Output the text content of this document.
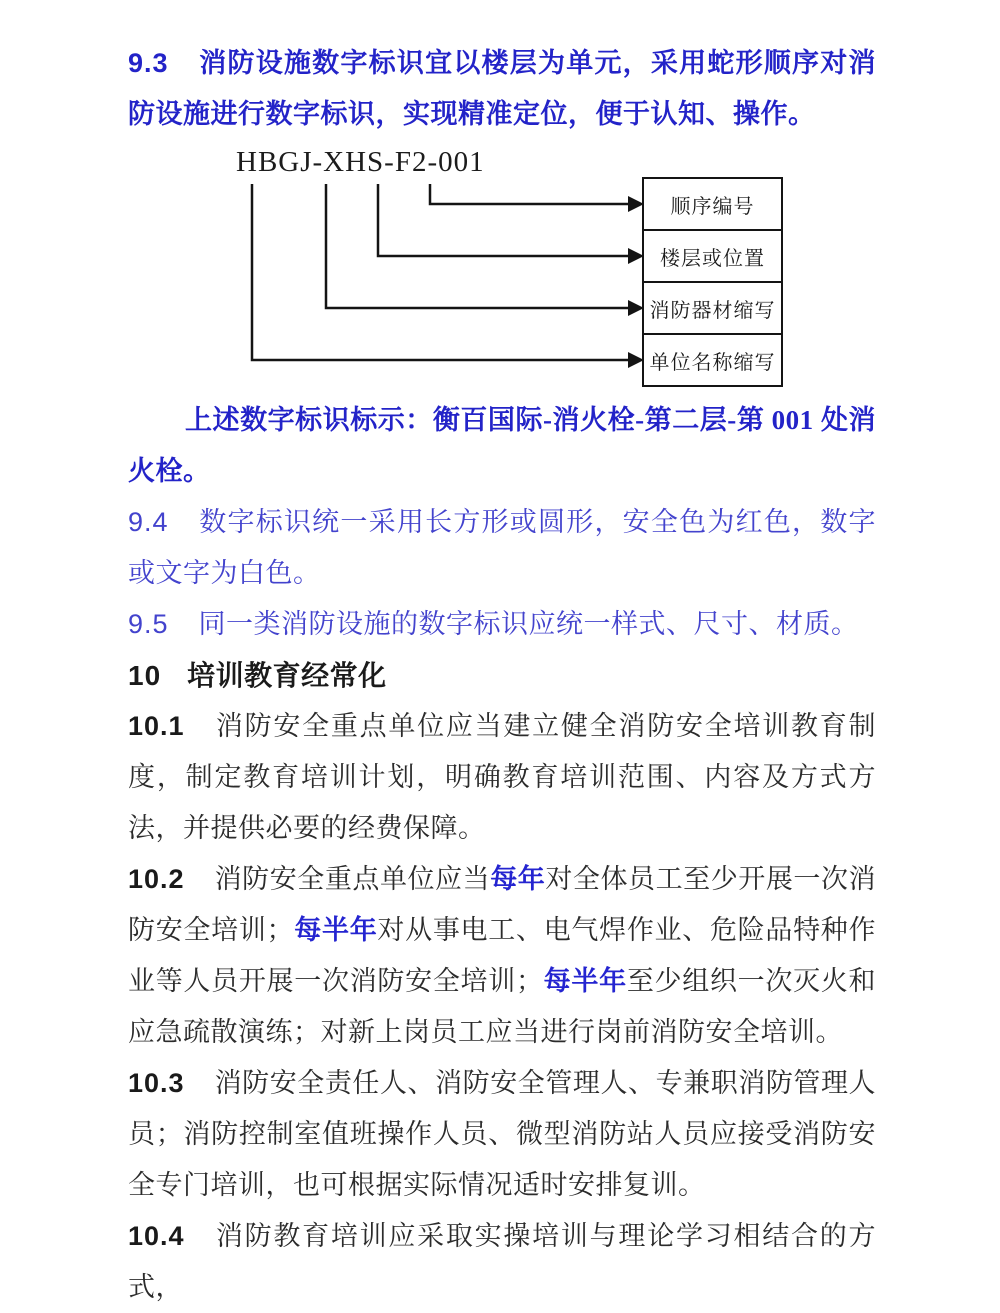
9.3 消防设施数字标识宜以楼层为单元，采用蛇形顺序对消防设施进行数字标识，实现精准定位，便于认知、操作。

HBGJ-XHS-F2-001
顺序编号
楼层或位置
消防器材缩写
单位名称缩写

上述数字标识标示：衡百国际-消火栓-第二层-第 001 处消火栓。

9.4 数字标识统一采用长方形或圆形，安全色为红色，数字或文字为白色。

9.5 同一类消防设施的数字标识应统一样式、尺寸、材质。

10 培训教育经常化

10.1 消防安全重点单位应当建立健全消防安全培训教育制度，制定教育培训计划，明确教育培训范围、内容及方式方法，并提供必要的经费保障。

10.2 消防安全重点单位应当每年对全体员工至少开展一次消防安全培训；每半年对从事电工、电气焊作业、危险品特种作业等人员开展一次消防安全培训；每半年至少组织一次灭火和应急疏散演练；对新上岗员工应当进行岗前消防安全培训。

10.3 消防安全责任人、消防安全管理人、专兼职消防管理人员；消防控制室值班操作人员、微型消防站人员应接受消防安全专门培训，也可根据实际情况适时安排复训。

10.4 消防教育培训应采取实操培训与理论学习相结合的方式，
